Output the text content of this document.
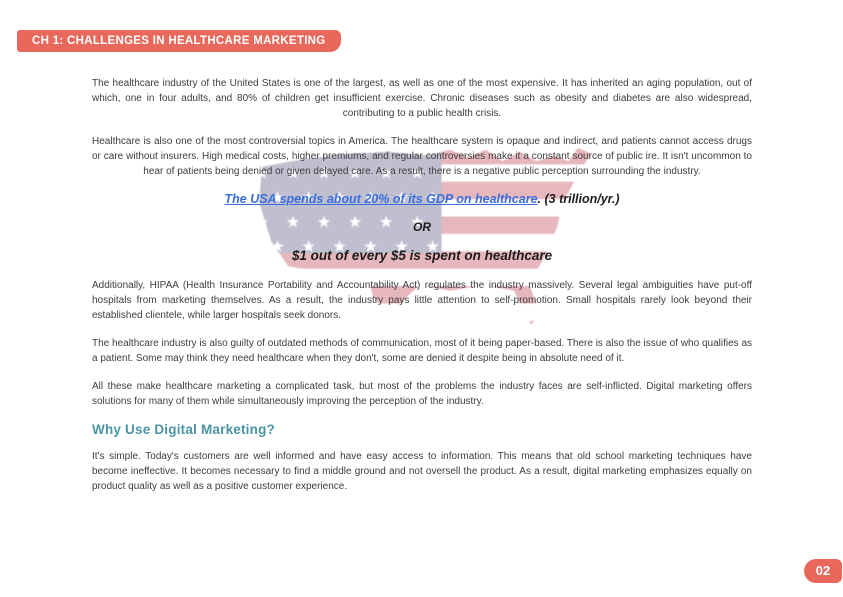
CH 1: CHALLENGES IN HEALTHCARE MARKETING

The healthcare industry of the United States is one of the largest, as well as one of the most expensive. It has inherited an aging population, out of which, one in four adults, and 80% of children get insufficient exercise. Chronic diseases such as obesity and diabetes are also widespread, contributing to a public health crisis.

Healthcare is also one of the most controversial topics in America. The healthcare system is opaque and indirect, and patients cannot access drugs or care without insurers. High medical costs, higher premiums, and regular controversies make it a constant source of public ire. It isn't uncommon to hear of patients being denied or given delayed care. As a result, there is a negative public perception surrounding the industry.

The USA spends about 20% of its GDP on healthcare. (3 trillion/yr.)

OR

$1 out of every $5 is spent on healthcare

Additionally, HIPAA (Health Insurance Portability and Accountability Act) regulates the industry massively. Several legal ambiguities have put-off hospitals from marketing themselves. As a result, the industry pays little attention to self-promotion. Small hospitals rarely look beyond their established clientele, while larger hospitals seek donors.

The healthcare industry is also guilty of outdated methods of communication, most of it being paper-based. There is also the issue of who qualifies as a patient. Some may think they need healthcare when they don't, some are denied it despite being in absolute need of it.

All these make healthcare marketing a complicated task, but most of the problems the industry faces are self-inflicted. Digital marketing offers solutions for many of them while simultaneously improving the perception of the industry.

Why Use Digital Marketing?

It's simple. Today's customers are well informed and have easy access to information. This means that old school marketing techniques have become ineffective. It becomes necessary to find a middle ground and not oversell the product. As a result, digital marketing emphasizes equally on product quality as well as a positive customer experience.

02
